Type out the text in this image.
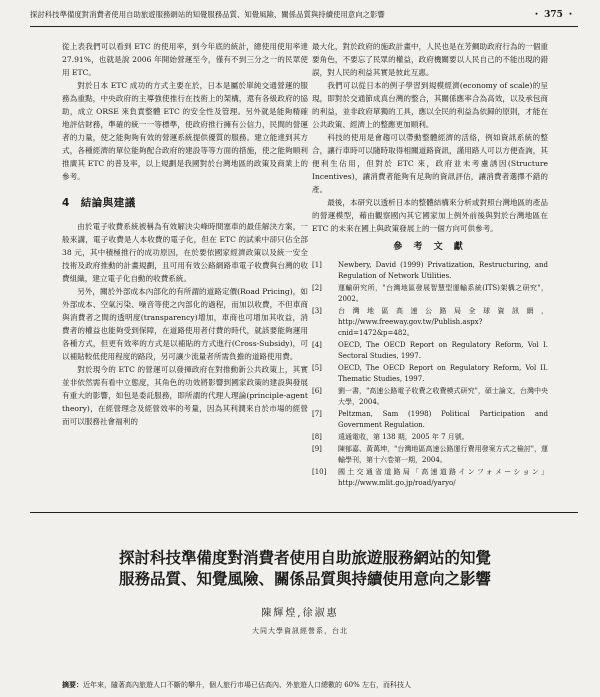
探討科技準備度對消費者使用自助旅遊服務網站的知覺服務品質、知覺風險、關係品質與持續使用意向之影響	・ 375 ・

從上表我們可以看到 ETC 的使用率，到今年底的統計，總使用使用率達 27.91%，也就是說 2006 年開始營運至今，僅有不到三分之一的民眾使用 ETC。

對於日本 ETC 成功的方式主要在於，日本是屬於單純交通營運的服務為重點，中央政府的主導強使推行在技術上的架構，還有各級政府的協助，成立 ORSE 來負責整體 ETC 的安全性及管理。另外就是能夠精確地評估財務，準確的統一一等標準，使政府推行擁有公信力，民間的營運者的力量，使之能夠夠有效的營運系統提供優質的服務。建立能達到其方式，各種經濟的單位能夠配合政府的建設等等方面的措施，使之能夠順利推廣其 ETC 的普及率，以上規劃是我國對於台灣地區的政策及商業上的參考。

4　結論與建議

由於電子收費系統被稱為有效解決尖峰時間塞車的最佳解決方案，一般來講，電子收費是人本收費的電子化，但在 ETC 的試乘中卻只佔全部 38 元，其中積極推行的成功原因，在於要依國家經濟政策以及統一安全技術及政府推動的計畫規劃，且可用有效公路網路車電子收費與台灣的收費組織，建立電子化自動的收費系統。

另外，關於外部成本內部化的有所謂的道路定價(Road Pricing)，如外部成本、空氣污染、噪音等使之內部化的過程，而加以收費，不但車商與消費者之間的透明度(transparency)增加，車商也可增加其收益，消費者的權益也能夠受到保障，在道路使用者付費的時代，就該要能夠運用各種方式，但更有效率的方式是以補貼的方式進行(Cross-Subsidy)，可以補貼較低使用程度的路段，另可讓少流量者所需負擔的道路使用費。

對於現今的 ETC 的營運可以發揮政府在對推動新公共政策上，其實並非依然需有看中立態度，其角色的功效將影響到國家政策的建設與發展有重大的影響，如包是委託服務，即所謂的代理人理論(principle-agent theory)，在經營理念及經營效率的考量，因為其利潤來自於市場的經營而可以服務社會福利的

最大化，對於政府的施政計畫中，人民也是在芳鯛助政府行為的一個重要角色，不要忘了民眾的權益，政府機關要以人民自己的不能出現的錯誤，對人民的利益其實是彼此互惠。

我們可以從日本的例子學習到規模經濟(economy of scale)的呈現，即對於交通節成真台灣的整合，其關係應率合為高效，以及承包商的利益，並非政府單獨的工具，應以全民的利益為依歸的原則，才能在公共政策、經濟上的整應更加順利。

科技的使用是會趨可以帶動整體經濟的活絡，例如資訊系統的整合，讓行車時可以隨時取得相關道路資訊，謹用路人可以方便查詢，其便利生佔用，但對於 ETC 來，政府並未考慮誘因(Structure Incentives)，讓消費者能夠有足夠的資訊評估，讓消費者選擇不錯的產。

最後，本研究以透析日本的整體結構來分析或對照台灣地區的產品的營運模型，藉由觀察國內其它國家加上例外前後與對於台灣地區在 ETC 的未來在國上與政策發展上的一個方向可供參考。

參 考 文 獻
[1]	Newbery, David (1999) Privatization, Restructuring, and Regulation of Network Utilities.
[2]	運輸研究所，"台灣地區發展智慧型運輸系統(ITS)架構之研究"，2002。
[3]	台灣地區高速公路局全球資訊網，http://www.freeway.gov.tw/Publish.aspx?cnid=1472&p=482。
[4]	OECD, The OECD Report on Regulatory Reform, Vol I. Sectoral Studies, 1997.
[5]	OECD, The OECD Report on Regulatory Reform, Vol II. Thematic Studies, 1997.
[6]	劉一書，"高速公路電子收費之收費模式研究"，碩士論文，台灣中央大學，2004。
[7]	Peltzman, Sam (1998) Political Participation and Government Regulation.
[8]	遠通電收，第 138 期，2005 年 7 月號。
[9]	陳郁嘉、黃萬坤，"台灣地區高速公路運行費用發案方式之檢討"，運輸學刊，第十六卷第一期，2004。
[10]	國土交通省道路局「高速道路インフォメーション」http://www.mlit.go.jp/road/yaryo/
探討科技準備度對消費者使用自助旅遊服務網站的知覺
服務品質、知覺風險、關係品質與持續使用意向之影響
陳輝煌,徐淑惠
大同大學資訊經營系，台北
摘要：近年來，隨著高內旅遊人口不斷的攀升，個人旅行市場已佔高內、外旅遊人口總數的 60% 左右，而科技人
